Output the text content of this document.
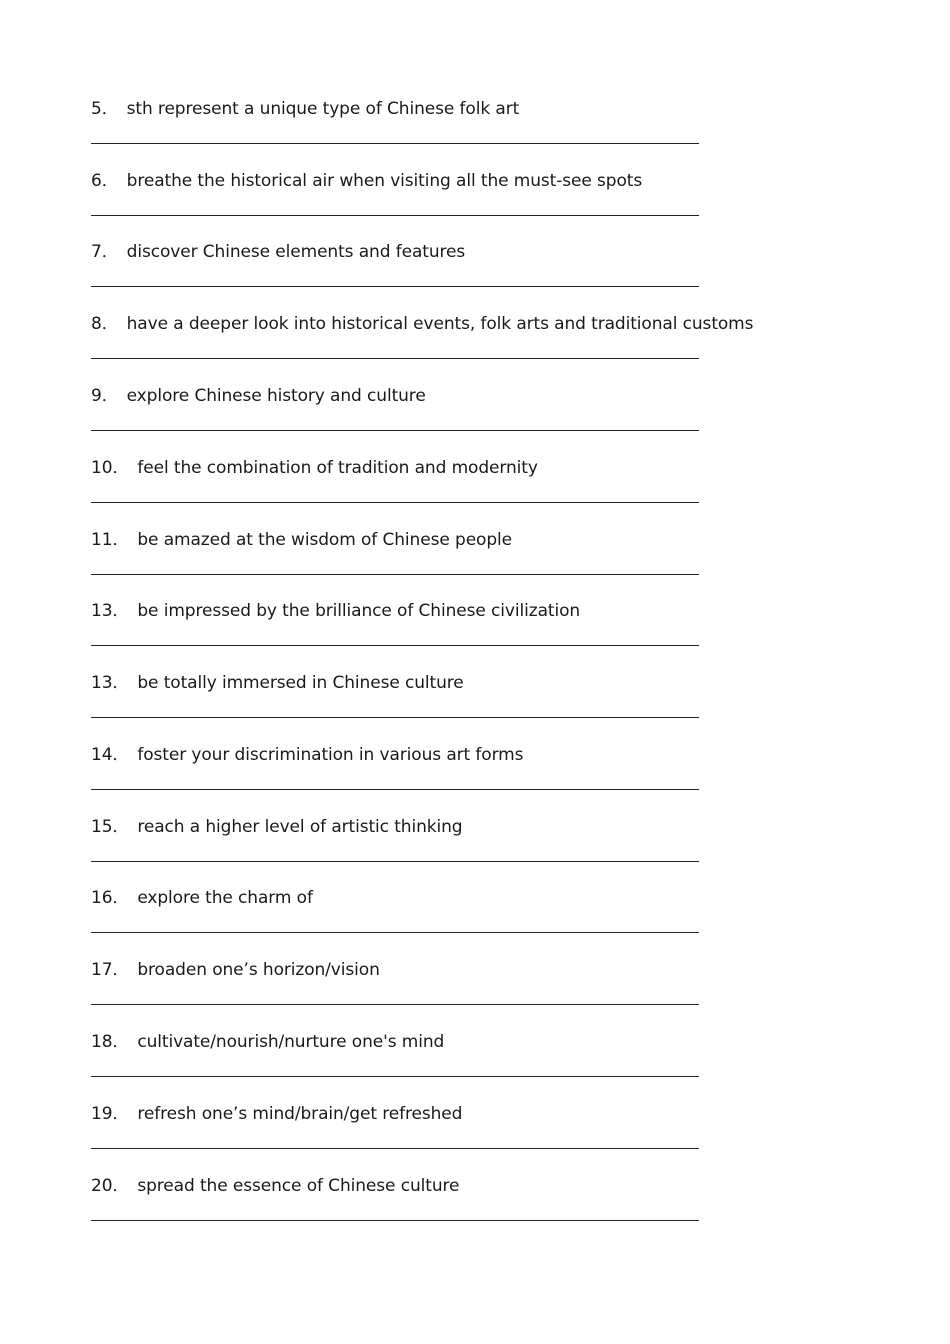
5． sth represent a unique type of Chinese folk art
6． breathe the historical air when visiting all the must-see spots
7． discover Chinese elements and features
8． have a deeper look into historical events, folk arts and traditional customs
9． explore Chinese history and culture
10． feel the combination of tradition and modernity
11． be amazed at the wisdom of Chinese people
13． be impressed by the brilliance of Chinese civilization
13． be totally immersed in Chinese culture
14． foster your discrimination in various art forms
15． reach a higher level of artistic thinking
16． explore the charm of
17． broaden one’s horizon/vision
18． cultivate/nourish/nurture one's mind
19． refresh one’s mind/brain/get refreshed
20． spread the essence of Chinese culture
